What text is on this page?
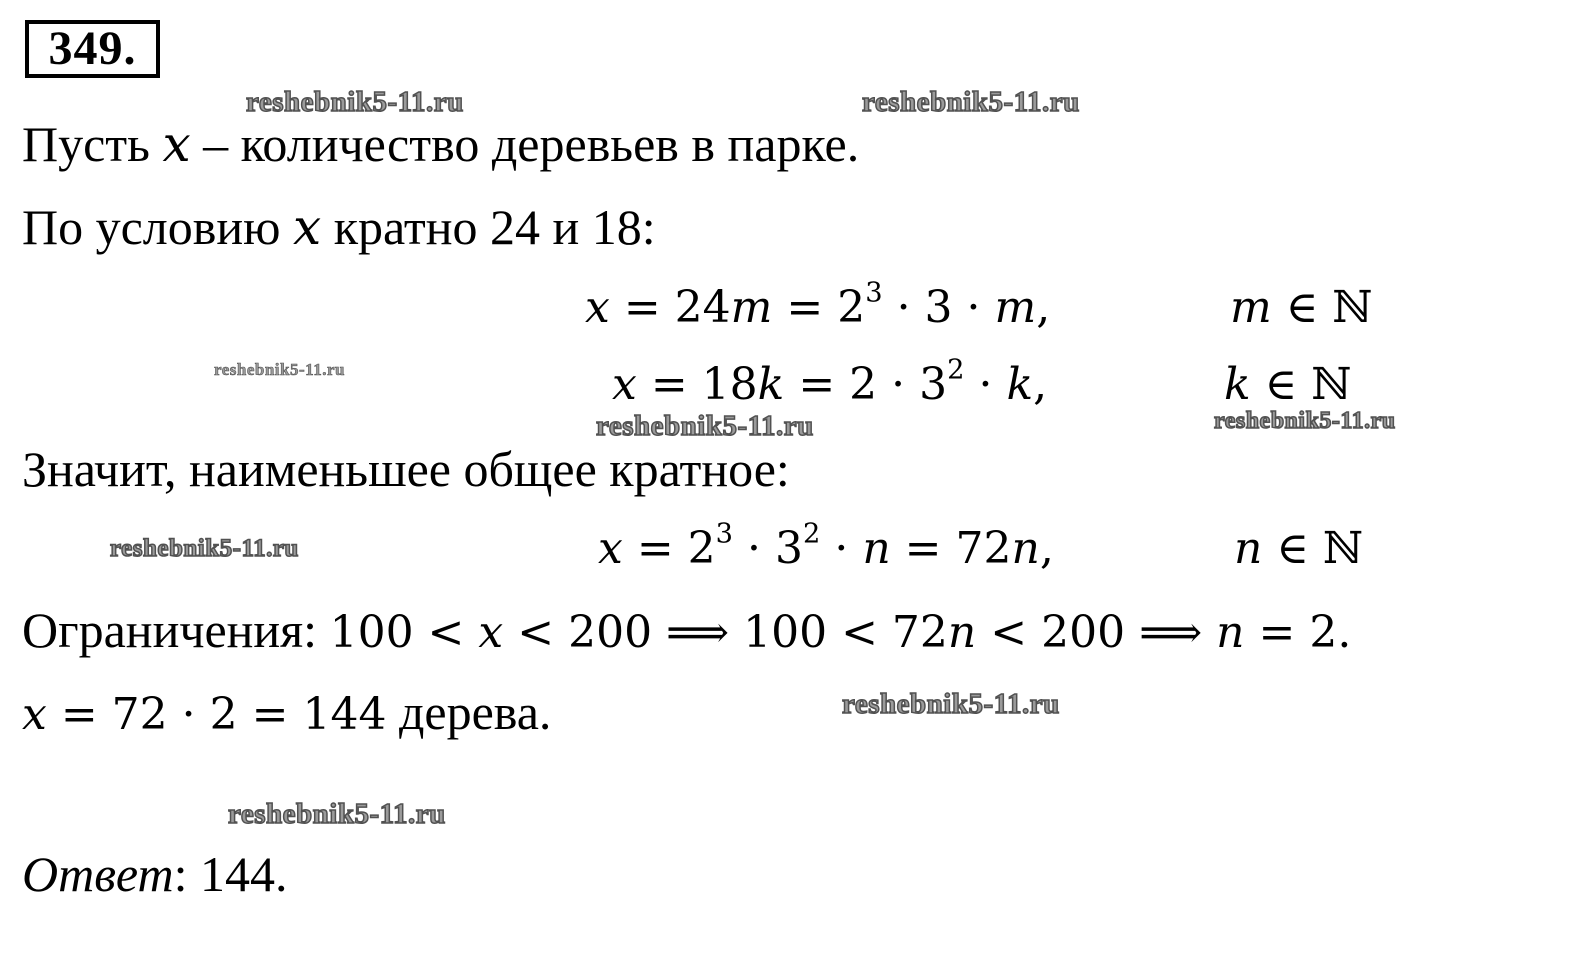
349.
Пусть x – количество деревьев в парке.
По условию x кратно 24 и 18:
$x = 24m = 2^3 \cdot 3 \cdot m$,	m ∈ ℕ
$x = 18k = 2 \cdot 3^2 \cdot k$,	k ∈ ℕ
Значит, наименьшее общее кратное:
$x = 2^3 \cdot 3^2 \cdot n = 72n$,	n ∈ ℕ
Ограничения: 100 < x < 200 ⟹ 100 < 72n < 200 ⟹ n = 2.
x = 72 · 2 = 144 дерева.
Ответ: 144.
reshebnik5-11.ru	reshebnik5-11.ru
reshebnik5-11.ru
reshebnik5-11.ru	reshebnik5-11.ru
reshebnik5-11.ru
reshebnik5-11.ru
reshebnik5-11.ru
